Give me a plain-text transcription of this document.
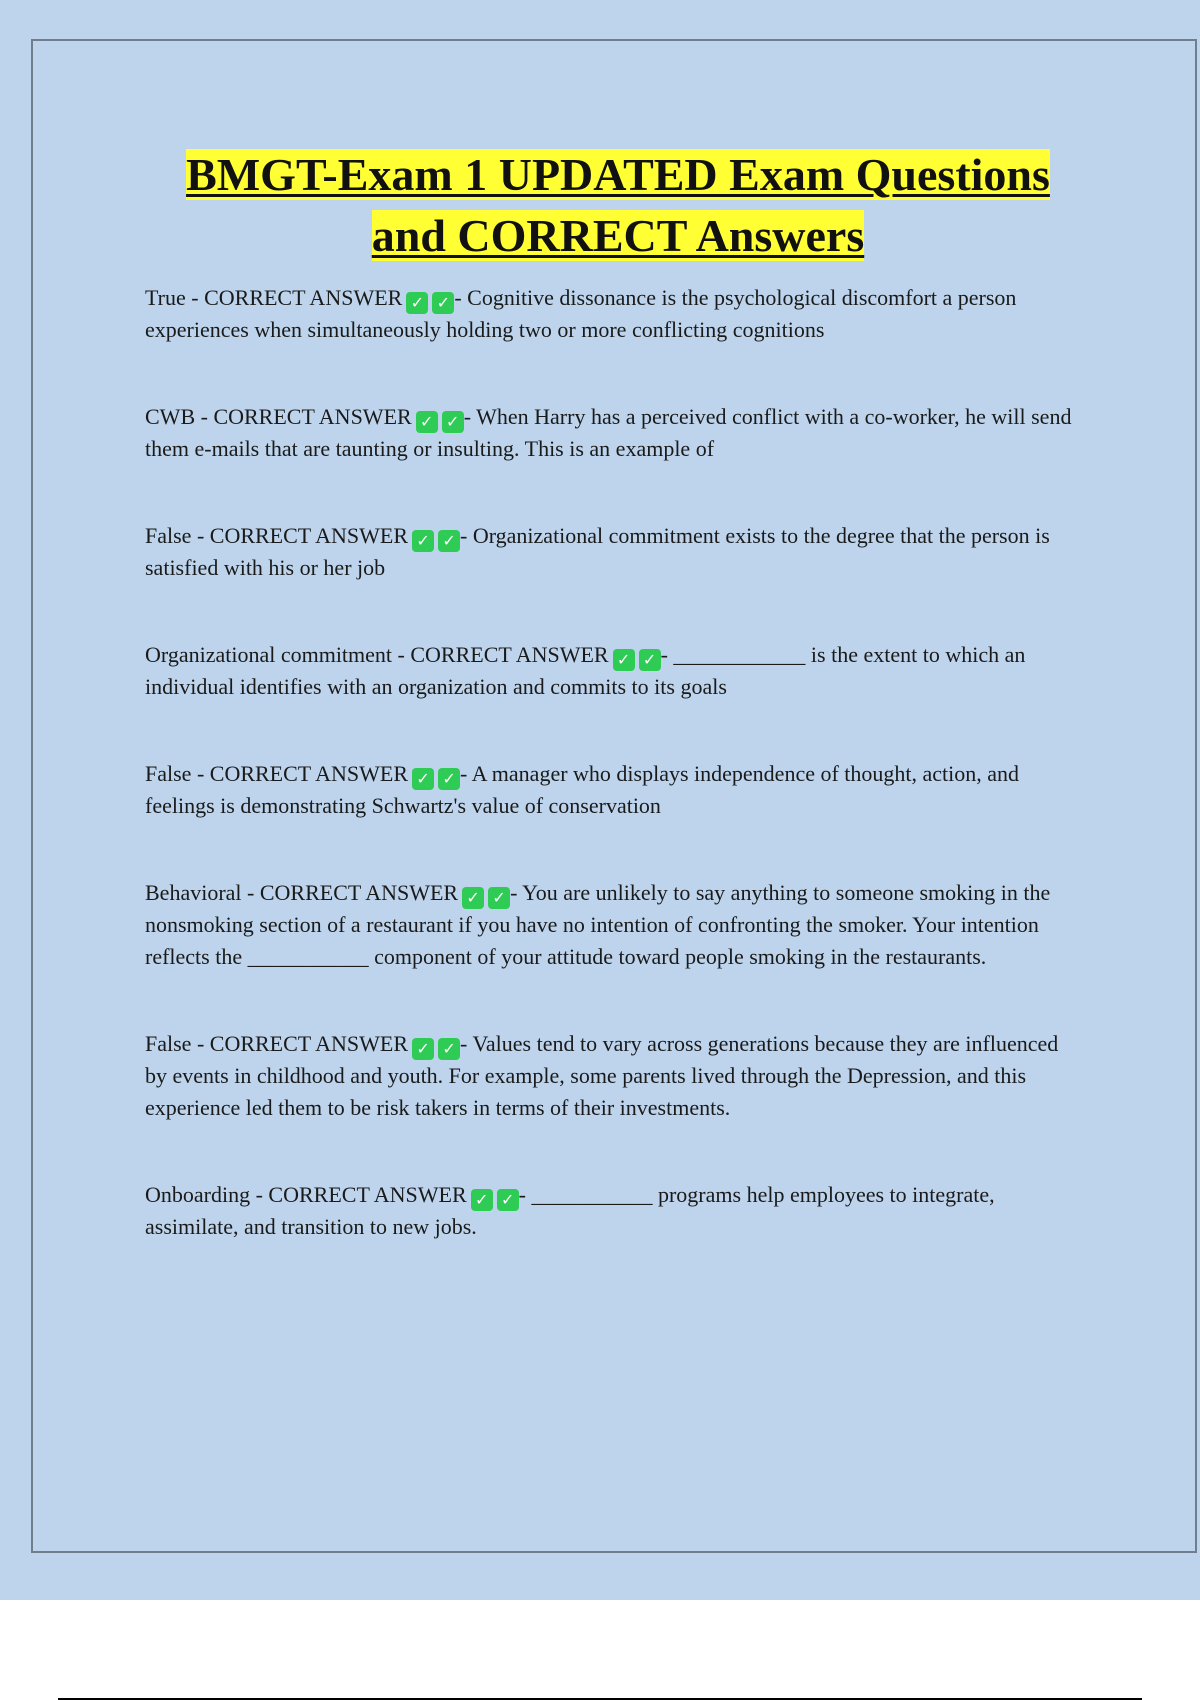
BMGT-Exam 1 UPDATED Exam Questions
and CORRECT Answers

True - CORRECT ANSWER ✓ ✓ - Cognitive dissonance is the psychological discomfort a person experiences when simultaneously holding two or more conflicting cognitions

CWB - CORRECT ANSWER ✓ ✓ - When Harry has a perceived conflict with a co-worker, he will send them e-mails that are taunting or insulting. This is an example of

False - CORRECT ANSWER ✓ ✓ - Organizational commitment exists to the degree that the person is satisfied with his or her job

Organizational commitment - CORRECT ANSWER ✓ ✓ - ____________ is the extent to which an individual identifies with an organization and commits to its goals

False - CORRECT ANSWER ✓ ✓ - A manager who displays independence of thought, action, and feelings is demonstrating Schwartz's value of conservation

Behavioral - CORRECT ANSWER ✓ ✓ - You are unlikely to say anything to someone smoking in the nonsmoking section of a restaurant if you have no intention of confronting the smoker. Your intention reflects the ___________ component of your attitude toward people smoking in the restaurants.

False - CORRECT ANSWER ✓ ✓ - Values tend to vary across generations because they are influenced by events in childhood and youth. For example, some parents lived through the Depression, and this experience led them to be risk takers in terms of their investments.

Onboarding - CORRECT ANSWER ✓ ✓ - ___________ programs help employees to integrate, assimilate, and transition to new jobs.
